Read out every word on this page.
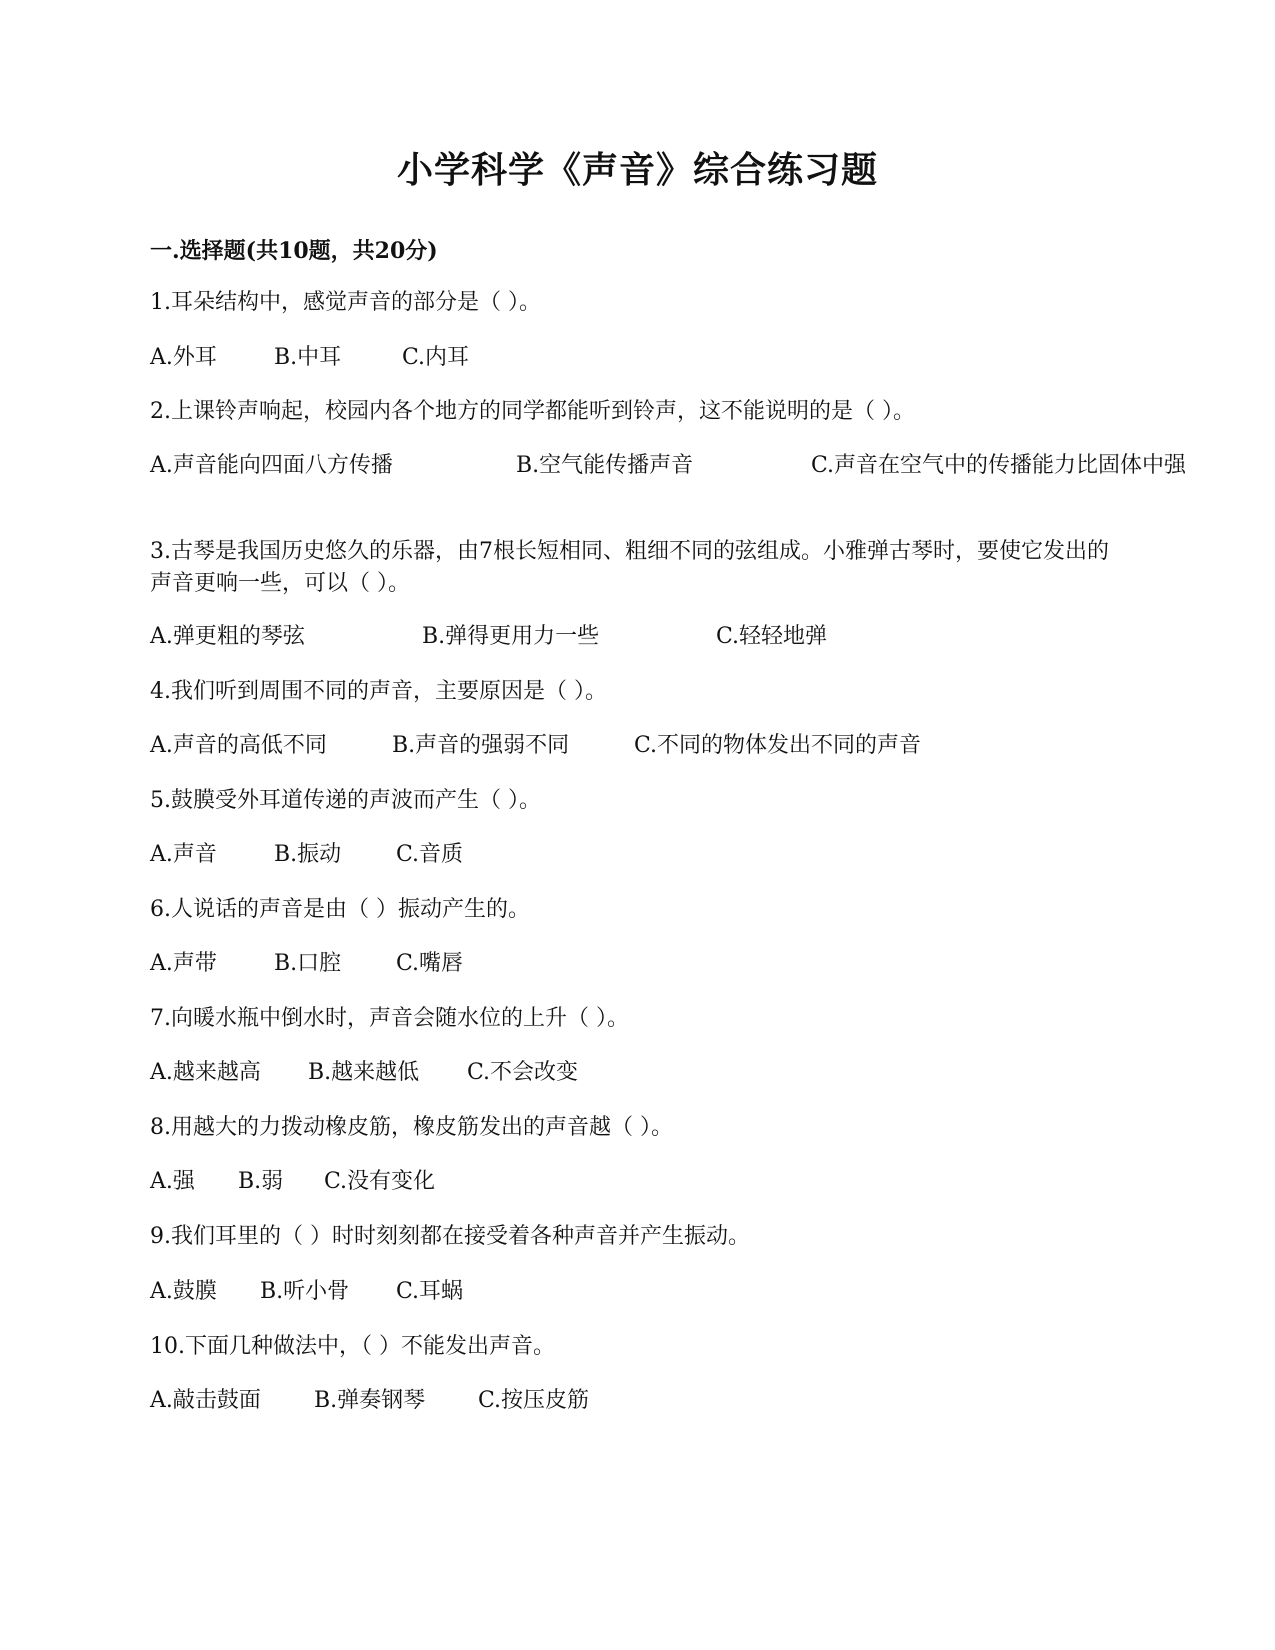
小学科学《声音》综合练习题
一.选择题(共10题，共20分)
1.耳朵结构中，感觉声音的部分是（ ）。
A.外耳	B.中耳	C.内耳
2.上课铃声响起，校园内各个地方的同学都能听到铃声，这不能说明的是（ ）。
A.声音能向四面八方传播	B.空气能传播声音	C.声音在空气中的传播能力比固体中强
3.古琴是我国历史悠久的乐器，由7根长短相同、粗细不同的弦组成。小雅弹古琴时，要使它发出的声音更响一些，可以（ ）。
A.弹更粗的琴弦	B.弹得更用力一些	C.轻轻地弹
4.我们听到周围不同的声音，主要原因是（ ）。
A.声音的高低不同	B.声音的强弱不同	C.不同的物体发出不同的声音
5.鼓膜受外耳道传递的声波而产生（ ）。
A.声音	B.振动 C.音质
6.人说话的声音是由（ ）振动产生的。
A.声带	B.口腔 C.嘴唇
7.向暖水瓶中倒水时，声音会随水位的上升（ ）。
A.越来越高 B.越来越低 C.不会改变
8.用越大的力拨动橡皮筋，橡皮筋发出的声音越（ ）。
A.强 B.弱 C.没有变化
9.我们耳里的（ ）时时刻刻都在接受着各种声音并产生振动。
A.鼓膜 B.听小骨 C.耳蜗
10.下面几种做法中，（ ）不能发出声音。
A.敲击鼓面 B.弹奏钢琴 C.按压皮筋
